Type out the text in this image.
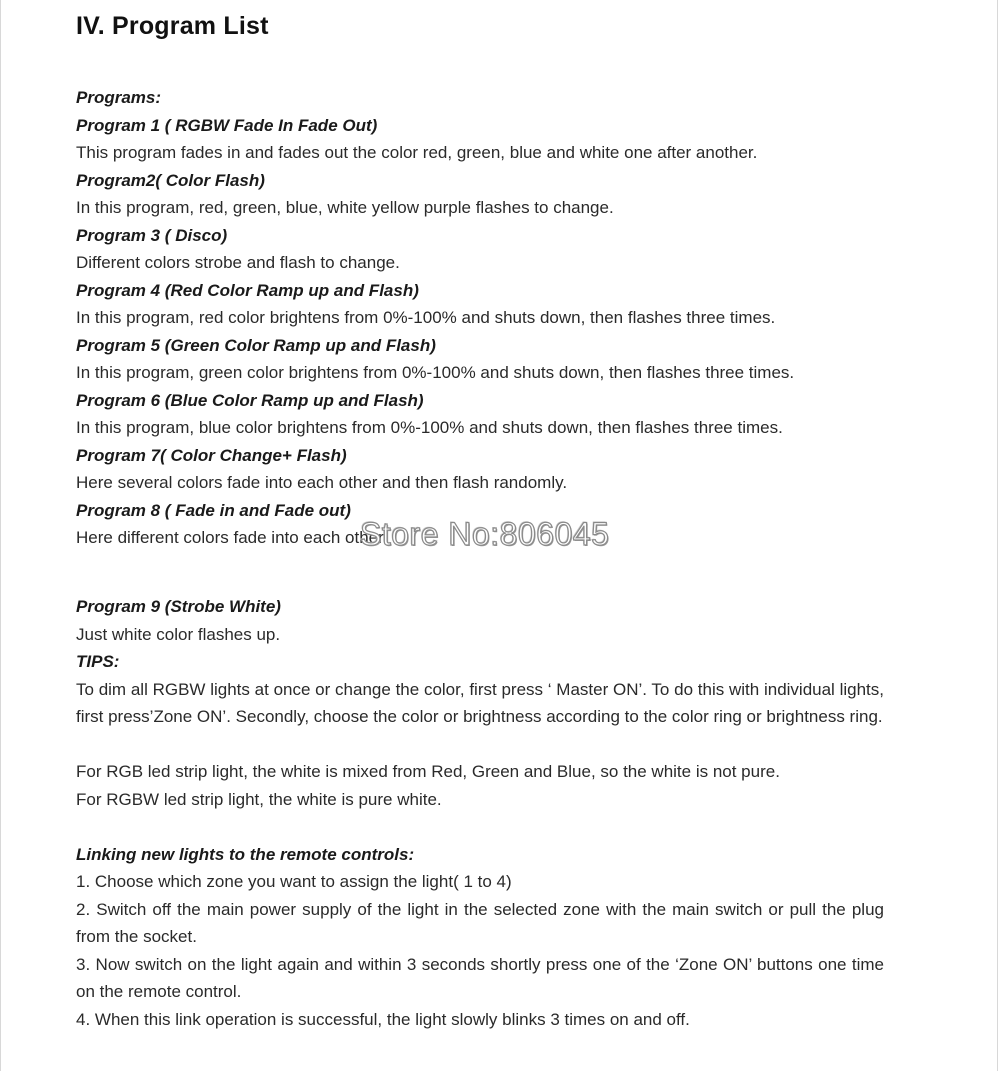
IV. Program List

Programs:

Program 1 ( RGBW Fade In Fade Out)

This program fades in and fades out the color red, green, blue and white one after another.

Program2( Color Flash)

In this program, red, green, blue, white yellow purple flashes to change.

Program 3 ( Disco)

Different colors strobe and flash to change.

Program 4 (Red Color Ramp up and Flash)

In this program, red color brightens from 0%-100% and shuts down, then flashes three times.

Program 5 (Green Color Ramp up and Flash)

In this program, green color brightens from 0%-100% and shuts down, then flashes three times.

Program 6 (Blue Color Ramp up and Flash)

In this program, blue color brightens from 0%-100% and shuts down, then flashes three times.

Program 7( Color Change+ Flash)

Here several colors fade into each other and then flash randomly.

Program 8 ( Fade in and Fade out)

Here different colors fade into each other

Program 9 (Strobe White)

Just white color flashes up.

TIPS:

To dim all RGBW lights at once or change the color, first press ‘ Master ON’. To do this with individual lights, first press’Zone ON’. Secondly, choose the color or brightness according to the color ring or brightness ring.

For RGB led strip light, the white is mixed from Red, Green and Blue, so the white is not pure.

For RGBW led strip light, the white is pure white.

Linking new lights to the remote controls:

1. Choose which zone you want to assign the light( 1 to 4)

2. Switch off the main power supply of the light in the selected zone with the main switch or pull the plug from the socket.

3. Now switch on the light again and within 3 seconds shortly press one of the ‘Zone ON’ buttons one time on the remote control.

4. When this link operation is successful, the light slowly blinks 3 times on and off.

Store No:806045
